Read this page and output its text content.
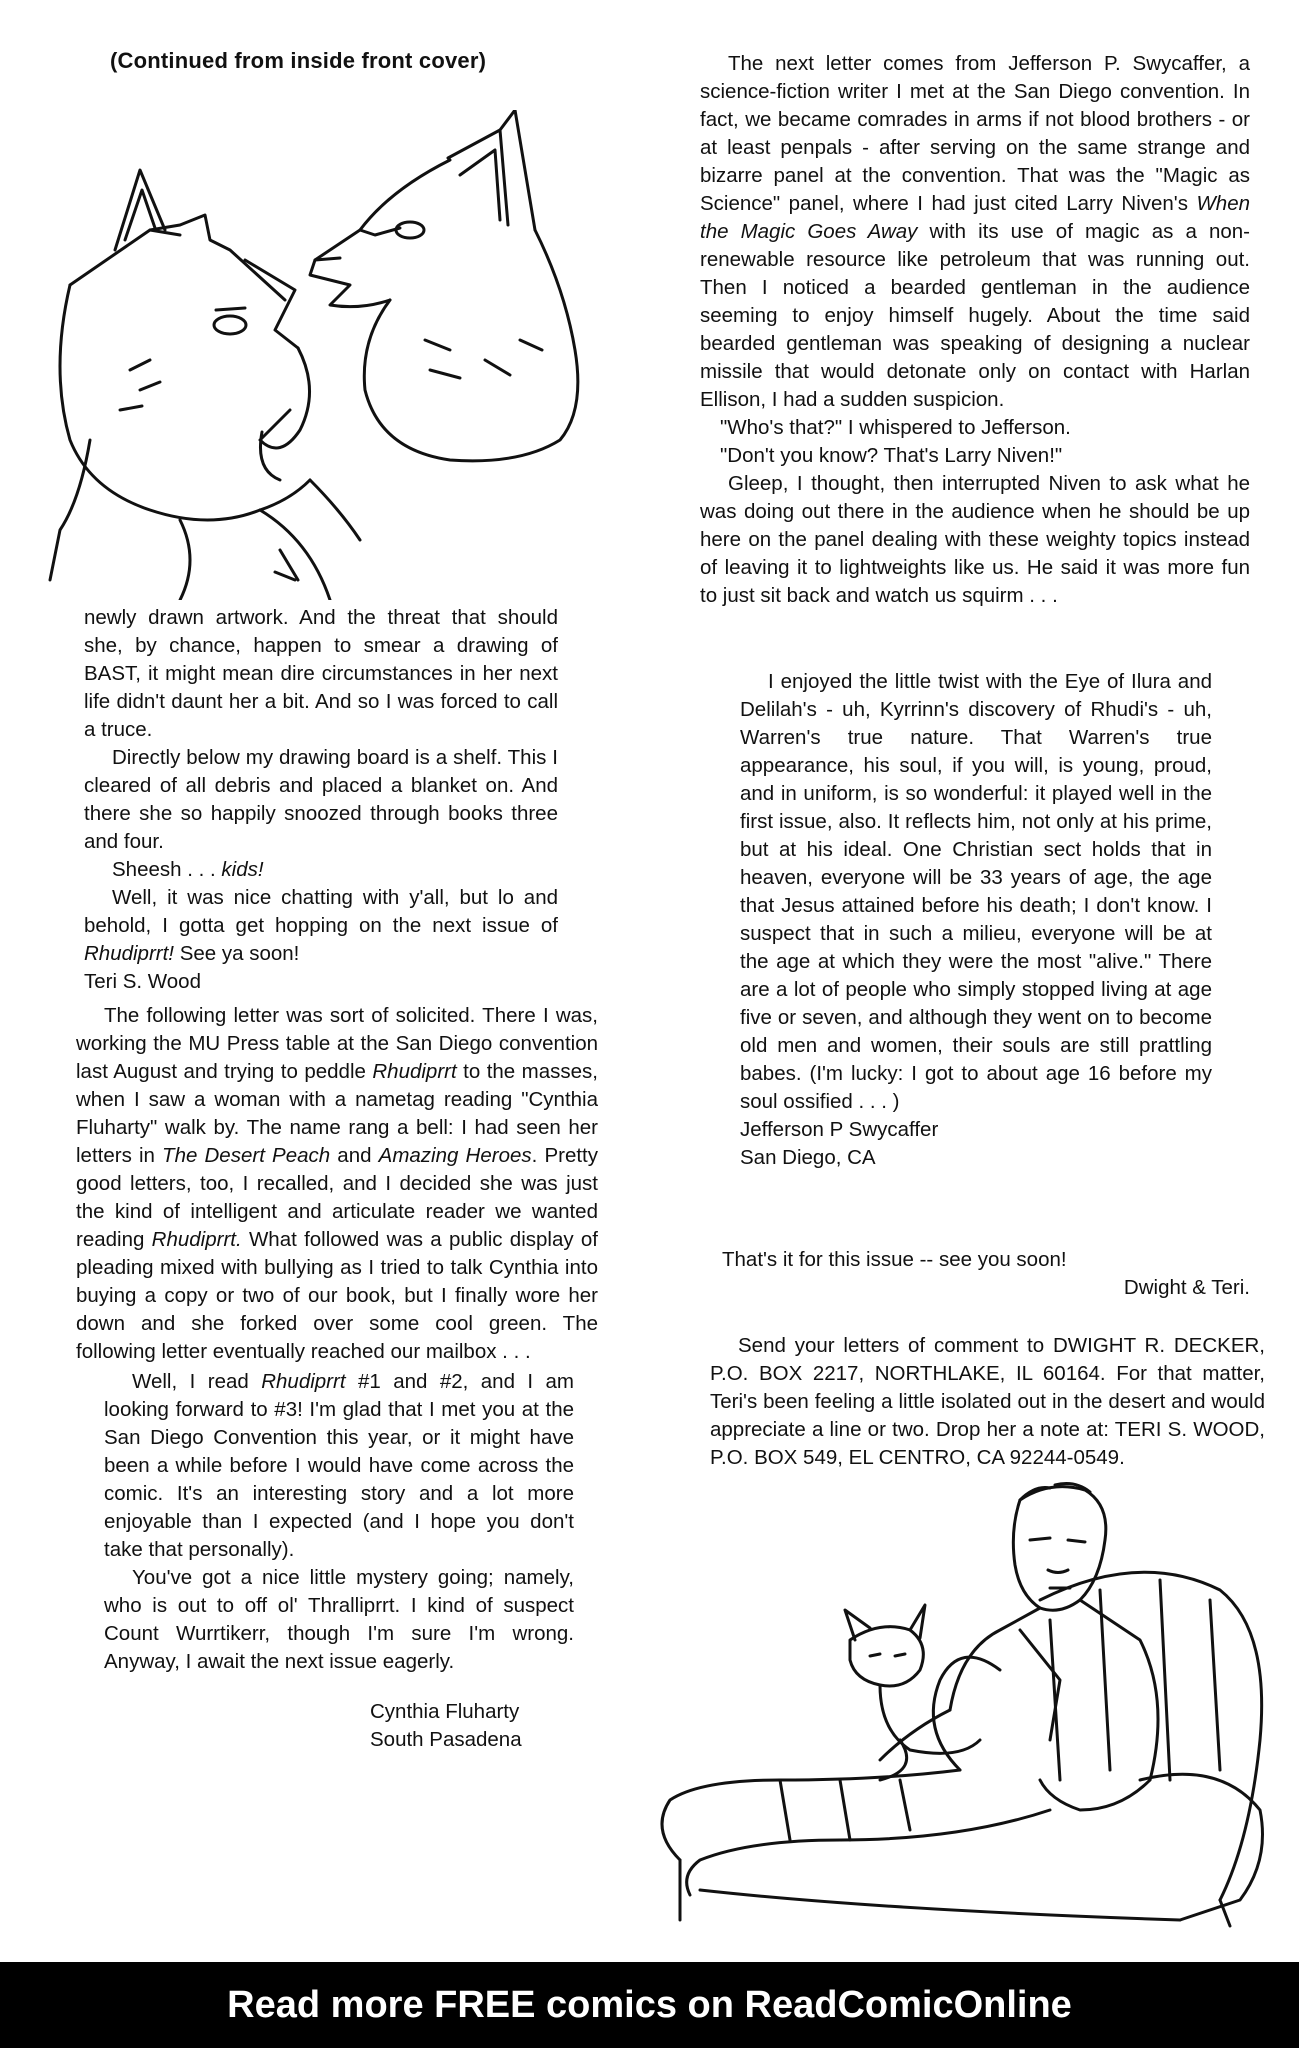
(Continued from inside front cover)

newly drawn artwork. And the threat that should she, by chance, happen to smear a drawing of BAST, it might mean dire circumstances in her next life didn't daunt her a bit. And so I was forced to call a truce.

Directly below my drawing board is a shelf. This I cleared of all debris and placed a blanket on. And there she so happily snoozed through books three and four.

Sheesh . . . kids!

Well, it was nice chatting with y'all, but lo and behold, I gotta get hopping on the next issue of Rhudiprrt! See ya soon!

Teri S. Wood

The following letter was sort of solicited. There I was, working the MU Press table at the San Diego convention last August and trying to peddle Rhudiprrt to the masses, when I saw a woman with a nametag reading "Cynthia Fluharty" walk by. The name rang a bell: I had seen her letters in The Desert Peach and Amazing Heroes. Pretty good letters, too, I recalled, and I decided she was just the kind of intelligent and articulate reader we wanted reading Rhudiprrt. What followed was a public display of pleading mixed with bullying as I tried to talk Cynthia into buying a copy or two of our book, but I finally wore her down and she forked over some cool green. The following letter eventually reached our mailbox . . .

Well, I read Rhudiprrt #1 and #2, and I am looking forward to #3! I'm glad that I met you at the San Diego Convention this year, or it might have been a while before I would have come across the comic. It's an interesting story and a lot more enjoyable than I expected (and I hope you don't take that personally).

You've got a nice little mystery going; namely, who is out to off ol' Thralliprrt. I kind of suspect Count Wurrtikerr, though I'm sure I'm wrong. Anyway, I await the next issue eagerly.

Cynthia Fluharty

South Pasadena

The next letter comes from Jefferson P. Swycaffer, a science-fiction writer I met at the San Diego convention. In fact, we became comrades in arms if not blood brothers - or at least penpals - after serving on the same strange and bizarre panel at the convention. That was the "Magic as Science" panel, where I had just cited Larry Niven's When the Magic Goes Away with its use of magic as a non-renewable resource like petroleum that was running out. Then I noticed a bearded gentleman in the audience seeming to enjoy himself hugely. About the time said bearded gentleman was speaking of designing a nuclear missile that would detonate only on contact with Harlan Ellison, I had a sudden suspicion.

"Who's that?" I whispered to Jefferson.

"Don't you know? That's Larry Niven!"

Gleep, I thought, then interrupted Niven to ask what he was doing out there in the audience when he should be up here on the panel dealing with these weighty topics instead of leaving it to lightweights like us. He said it was more fun to just sit back and watch us squirm . . .

I enjoyed the little twist with the Eye of Ilura and Delilah's - uh, Kyrrinn's discovery of Rhudi's - uh, Warren's true nature. That Warren's true appearance, his soul, if you will, is young, proud, and in uniform, is so wonderful: it played well in the first issue, also. It reflects him, not only at his prime, but at his ideal. One Christian sect holds that in heaven, everyone will be 33 years of age, the age that Jesus attained before his death; I don't know. I suspect that in such a milieu, everyone will be at the age at which they were the most "alive." There are a lot of people who simply stopped living at age five or seven, and although they went on to become old men and women, their souls are still prattling babes. (I'm lucky: I got to about age 16 before my soul ossified . . . )

Jefferson P Swycaffer

San Diego, CA

That's it for this issue -- see you soon!

Dwight & Teri.

Send your letters of comment to DWIGHT R. DECKER, P.O. BOX 2217, NORTHLAKE, IL 60164. For that matter, Teri's been feeling a little isolated out in the desert and would appreciate a line or two. Drop her a note at: TERI S. WOOD, P.O. BOX 549, EL CENTRO, CA 92244-0549.

Read more FREE comics on ReadComicOnline
